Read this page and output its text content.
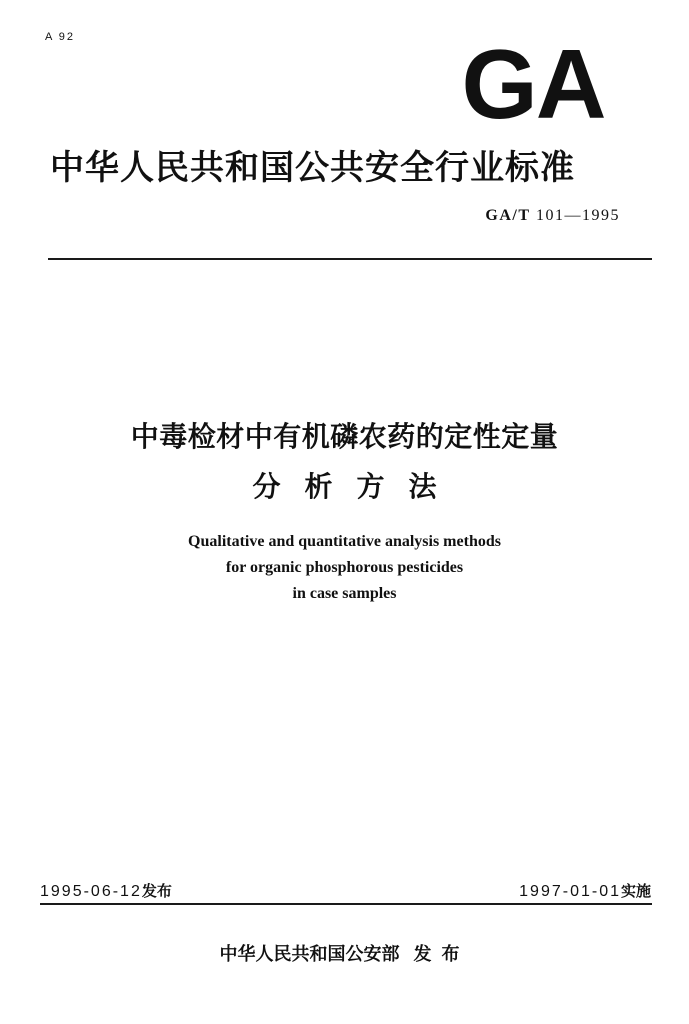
A 92	GA
中华人民共和国公共安全行业标准
GA/T 101—1995
中毒检材中有机磷农药的定性定量
分析方法
Qualitative and quantitative analysis methods
for organic phosphorous pesticides
in case samples
1995-06-12发布	1997-01-01实施
中华人民共和国公安部 发布
